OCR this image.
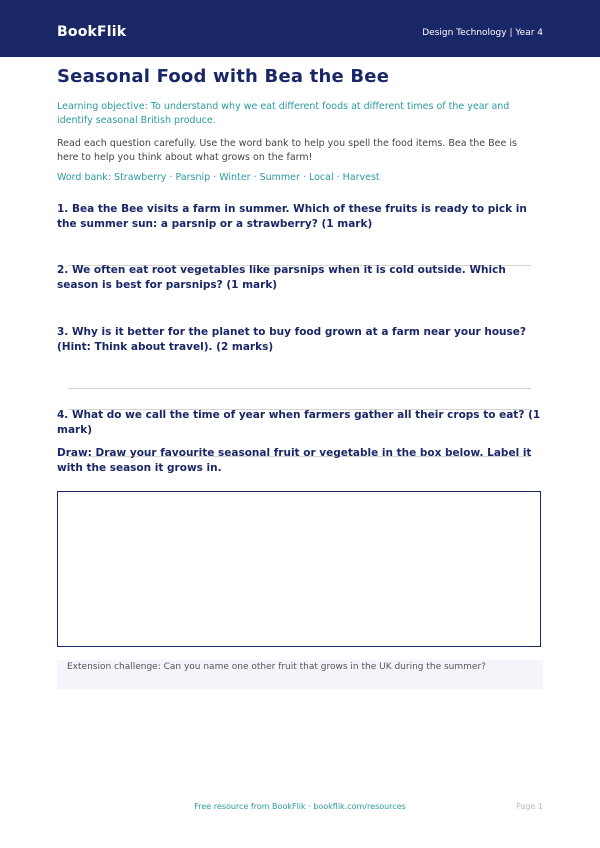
BookFlik	Design Technology | Year 4
Seasonal Food with Bea the Bee
Learning objective: To understand why we eat different foods at different times of the year and identify seasonal British produce.
Read each question carefully. Use the word bank to help you spell the food items. Bea the Bee is here to help you think about what grows on the farm!
Word bank: Strawberry · Parsnip · Winter · Summer · Local · Harvest
1. Bea the Bee visits a farm in summer. Which of these fruits is ready to pick in the summer sun: a parsnip or a strawberry? (1 mark)
2. We often eat root vegetables like parsnips when it is cold outside. Which season is best for parsnips? (1 mark)
3. Why is it better for the planet to buy food grown at a farm near your house? (Hint: Think about travel). (2 marks)
4. What do we call the time of year when farmers gather all their crops to eat? (1 mark)
Draw: Draw your favourite seasonal fruit or vegetable in the box below. Label it with the season it grows in.
Extension challenge: Can you name one other fruit that grows in the UK during the summer?
Free resource from BookFlik · bookflik.com/resources	Page 1
